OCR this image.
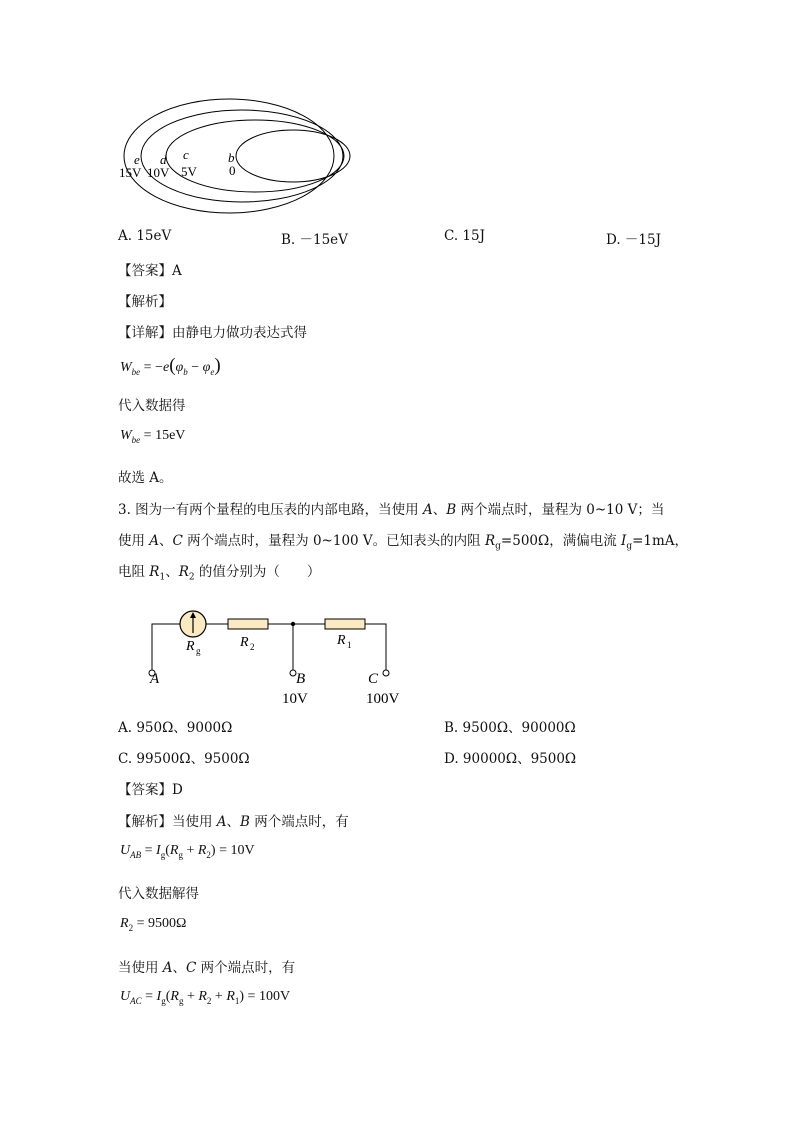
e d c	b
15V 10V 5V 0
A. 15eV	B. －15eV	C. 15J	D. －15J
【答案】A
【解析】
【详解】由静电力做功表达式得
$W_{be} = -e(\varphi_b - \varphi_e)$
代入数据得
$W_{be} = 15eV$
故选 A。
3. 图为一有两个量程的电压表的内部电路，当使用 A、B 两个端点时，量程为 0~10 V；当
使用 A、C 两个端点时，量程为 0~100 V。已知表头的内阻 $R_g=500\Omega$，满偏电流 $I_g=1mA$，
电阻 $R_1$、$R_2$ 的值分别为（　　）
R g
R 2	R 1
A	B	C
10V	100V
A. 950Ω、9000Ω	B. 9500Ω、90000Ω
C. 99500Ω、9500Ω	D. 90000Ω、9500Ω
【答案】D
【解析】当使用 A、B 两个端点时，有
$U_{AB} = I_g(R_g + R_2) = 10V$
代入数据解得
$R_2 = 9500\Omega$
当使用 A、C 两个端点时，有
$U_{AC} = I_g(R_g + R_2 + R_1) = 100V$
